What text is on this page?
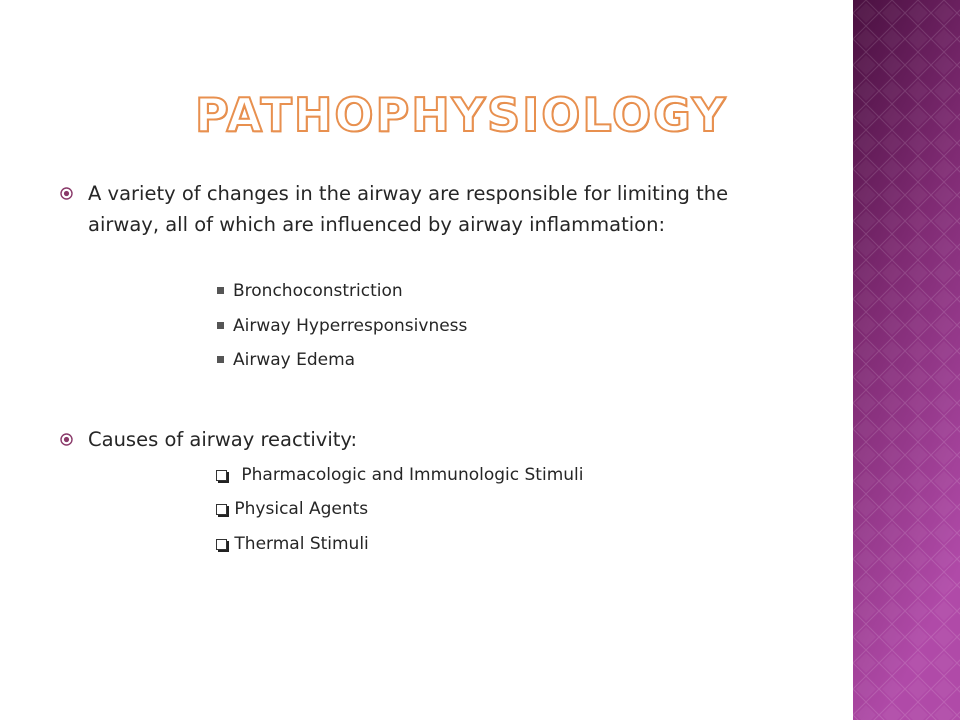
PATHOPHYSIOLOGY
A variety of changes in the airway are responsible for limiting the airway, all of which are influenced by airway inflammation:
Bronchoconstriction
Airway Hyperresponsivness
Airway Edema
Causes of airway reactivity:
Pharmacologic and Immunologic Stimuli
Physical Agents
Thermal Stimuli
